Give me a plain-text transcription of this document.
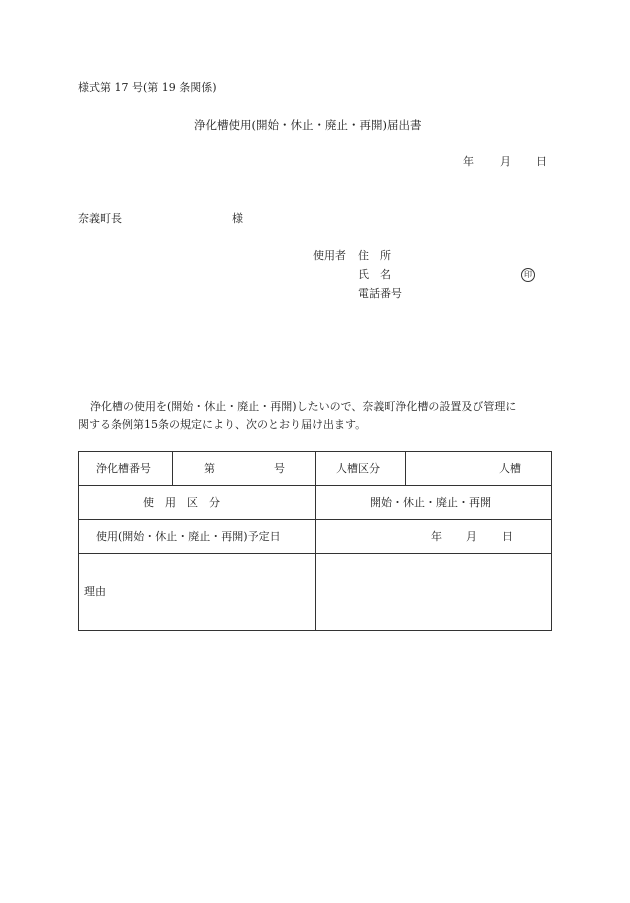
様式第 17 号(第 19 条関係)
浄化槽使用(開始・休止・廃止・再開)届出書
年 月 日
奈義町長	様
使用者 住　所
氏　名	印
電話番号
浄化槽の使用を(開始・休止・廃止・再開)したいので、奈義町浄化槽の設置及び管理に
関する条例第15条の規定により、次のとおり届け出ます。
浄化槽番号	第	号	人槽区分	人槽
使　用　区　分	開始・休止・廃止・再開
使用(開始・休止・廃止・再開)予定日	年 月 日
理由
